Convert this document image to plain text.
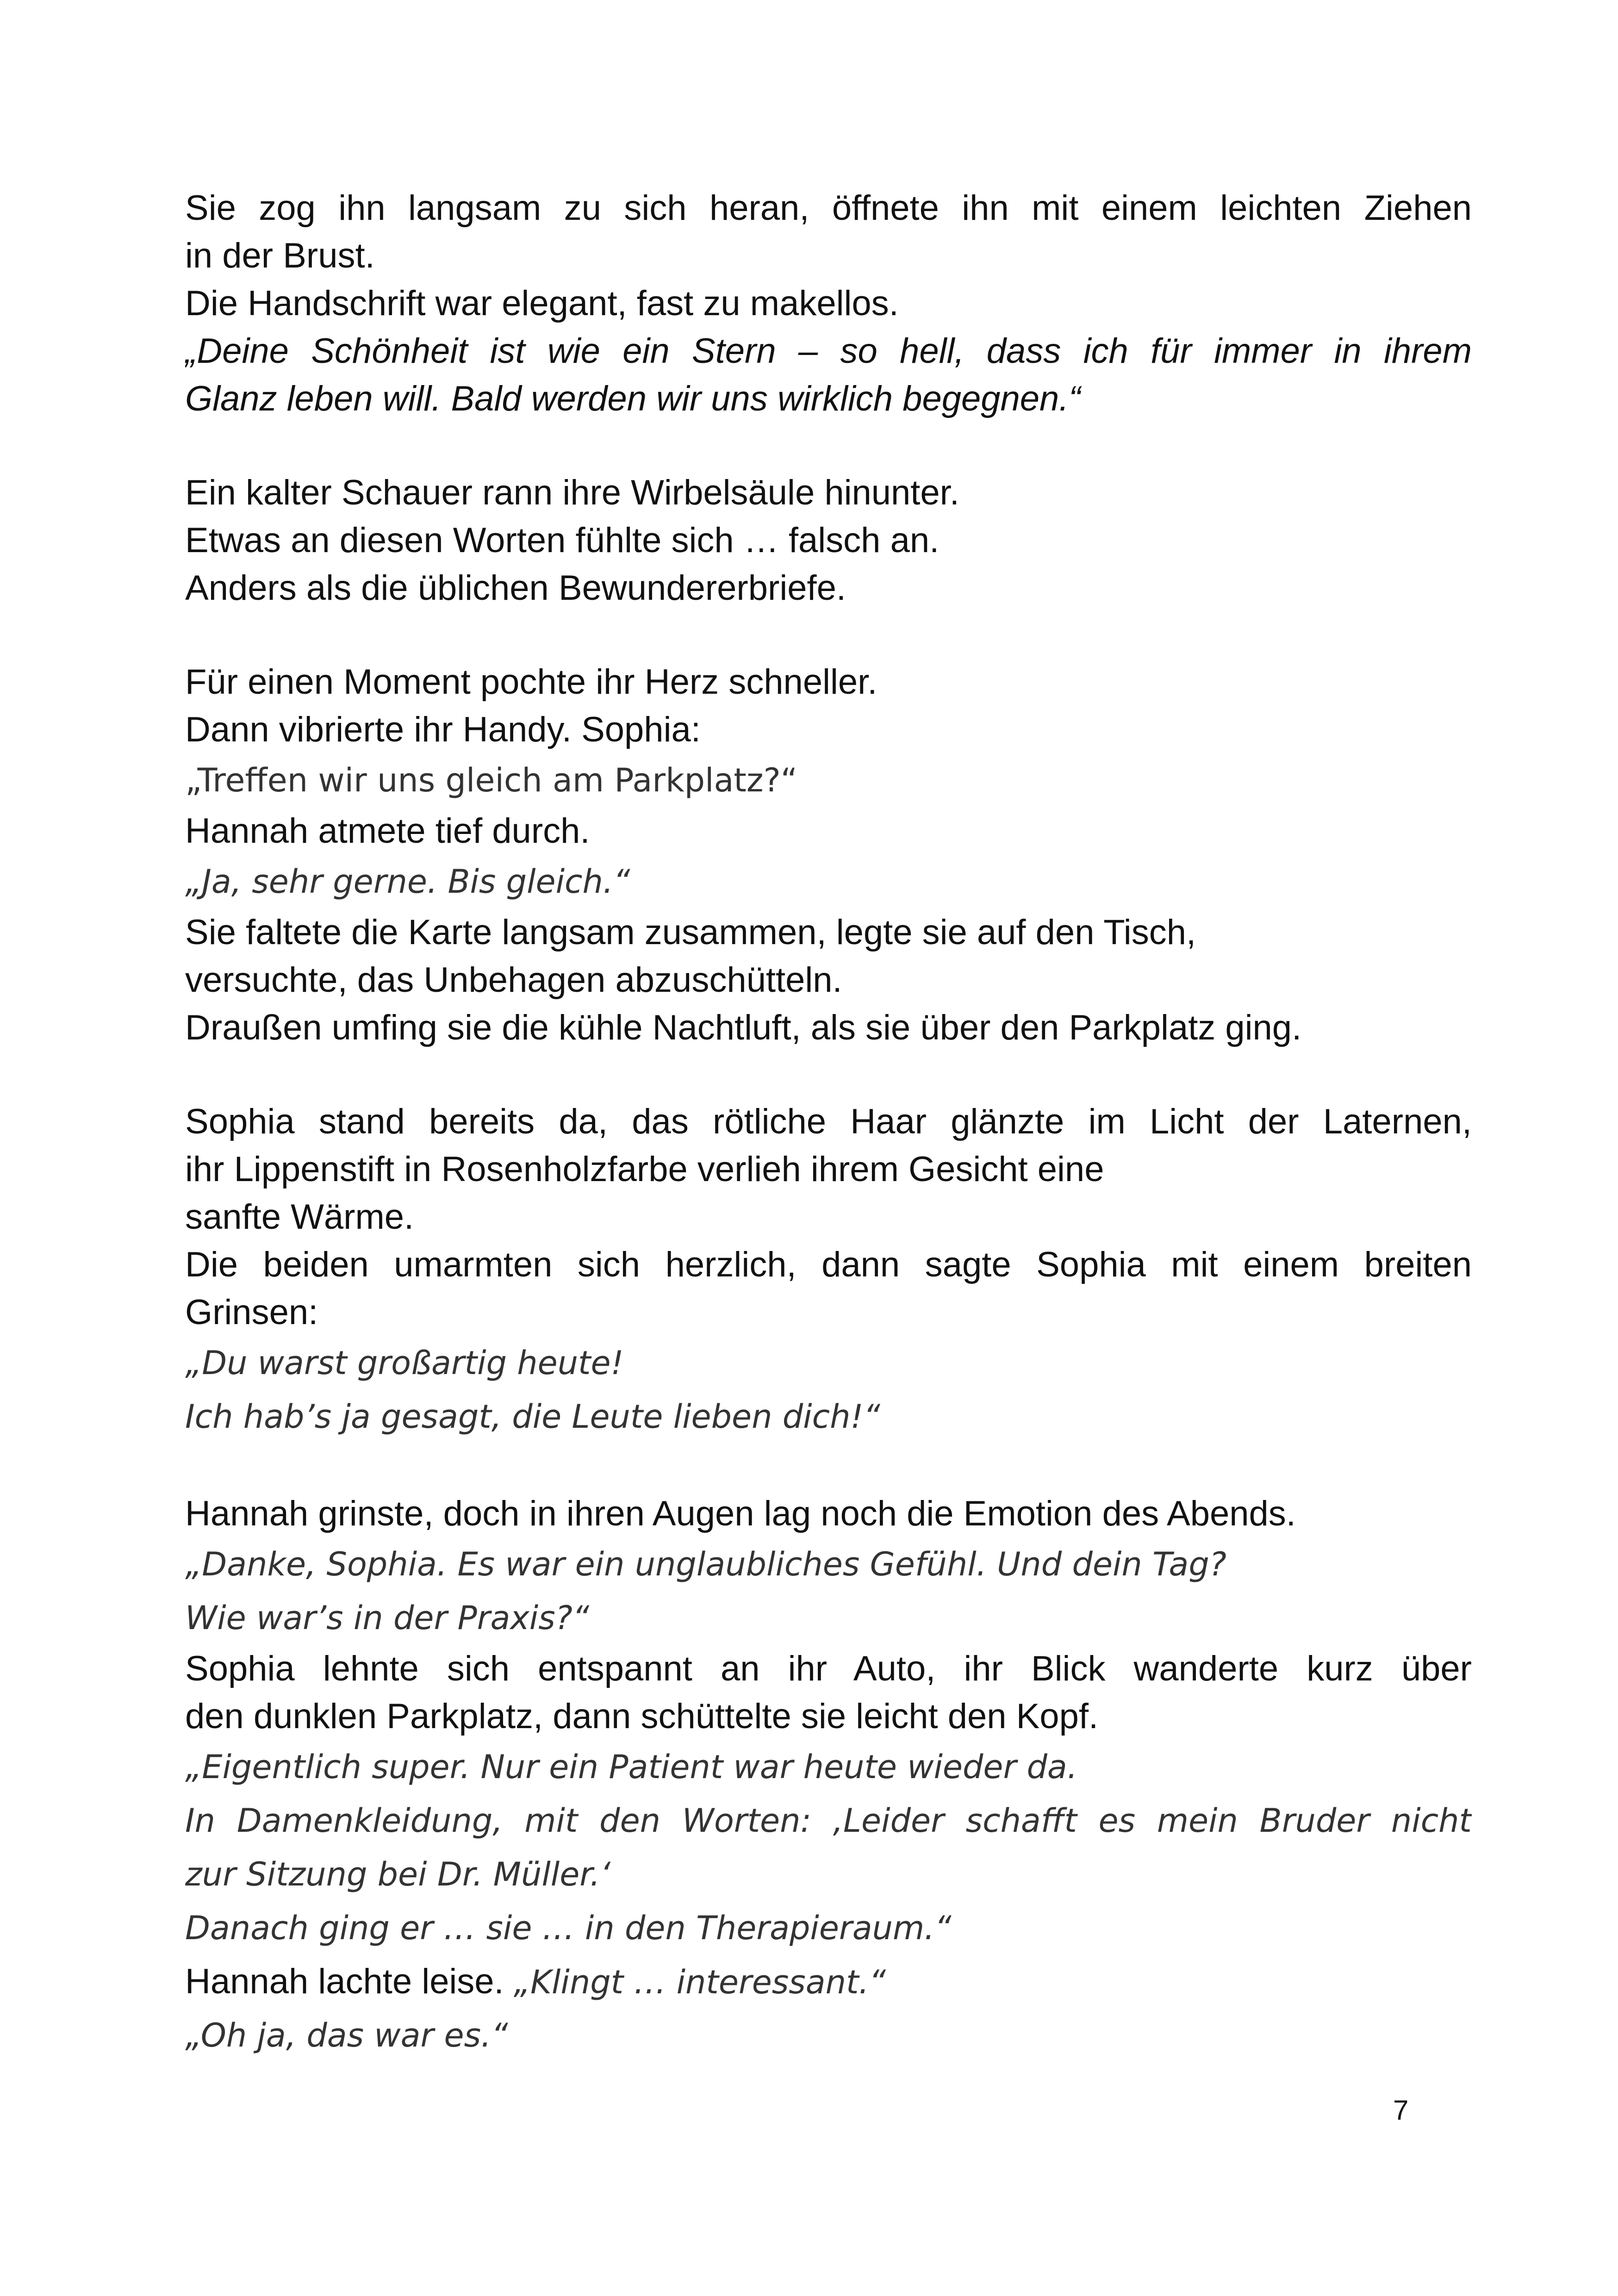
Sie zog ihn langsam zu sich heran, öffnete ihn mit einem leichten Ziehen
in der Brust.
Die Handschrift war elegant, fast zu makellos.
„Deine Schönheit ist wie ein Stern – so hell, dass ich für immer in ihrem
Glanz leben will. Bald werden wir uns wirklich begegnen.“
Ein kalter Schauer rann ihre Wirbelsäule hinunter.
Etwas an diesen Worten fühlte sich … falsch an.
Anders als die üblichen Bewundererbriefe.
Für einen Moment pochte ihr Herz schneller.
Dann vibrierte ihr Handy. Sophia:
„Treffen wir uns gleich am Parkplatz?“
Hannah atmete tief durch.
„Ja, sehr gerne. Bis gleich.“
Sie faltete die Karte langsam zusammen, legte sie auf den Tisch,
versuchte, das Unbehagen abzuschütteln.
Draußen umfing sie die kühle Nachtluft, als sie über den Parkplatz ging.
Sophia stand bereits da, das rötliche Haar glänzte im Licht der Laternen,
ihr Lippenstift in Rosenholzfarbe verlieh ihrem Gesicht eine
sanfte Wärme.
Die beiden umarmten sich herzlich, dann sagte Sophia mit einem breiten
Grinsen:
„Du warst großartig heute!
Ich hab’s ja gesagt, die Leute lieben dich!“
Hannah grinste, doch in ihren Augen lag noch die Emotion des Abends.
„Danke, Sophia. Es war ein unglaubliches Gefühl. Und dein Tag?
Wie war’s in der Praxis?“
Sophia lehnte sich entspannt an ihr Auto, ihr Blick wanderte kurz über
den dunklen Parkplatz, dann schüttelte sie leicht den Kopf.
„Eigentlich super. Nur ein Patient war heute wieder da.
In Damenkleidung, mit den Worten: ‚Leider schafft es mein Bruder nicht
zur Sitzung bei Dr. Müller.‘
Danach ging er … sie … in den Therapieraum.“
Hannah lachte leise. „Klingt … interessant.“
„Oh ja, das war es.“
7
